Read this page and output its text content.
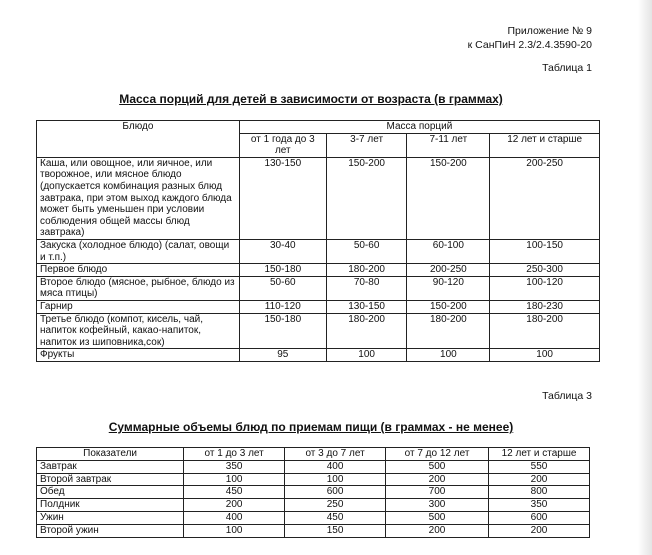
Приложение № 9
к СанПиН 2.3/2.4.3590-20
Таблица 1
Масса порций для детей в зависимости от возраста (в граммах)
Блюдо	Масса порций			
	от 1 года до 3 лет	3-7 лет	7-11 лет	12 лет и старше
Каша, или овощное, или яичное, или творожное, или мясное блюдо (допускается комбинация разных блюд завтрака, при этом выход каждого блюда может быть уменьшен при условии соблюдения общей массы блюд завтрака)	130-150	150-200	150-200	200-250
Закуска (холодное блюдо) (салат, овощи и т.п.)	30-40	50-60	60-100	100-150
Первое блюдо	150-180	180-200	200-250	250-300
Второе блюдо (мясное, рыбное, блюдо из мяса птицы)	50-60	70-80	90-120	100-120
Гарнир	110-120	130-150	150-200	180-230
Третье блюдо (компот, кисель, чай, напиток кофейный, какао-напиток, напиток из шиповника,сок)	150-180	180-200	180-200	180-200
Фрукты	95	100	100	100
Таблица 3
Суммарные объемы блюд по приемам пищи (в граммах - не менее)
Показатели	от 1 до 3 лет	от 3 до 7 лет	от 7 до 12 лет	12 лет и старше
Завтрак	350	400	500	550
Второй завтрак	100	100	200	200
Обед	450	600	700	800
Полдник	200	250	300	350
Ужин	400	450	500	600
Второй ужин	100	150	200	200
